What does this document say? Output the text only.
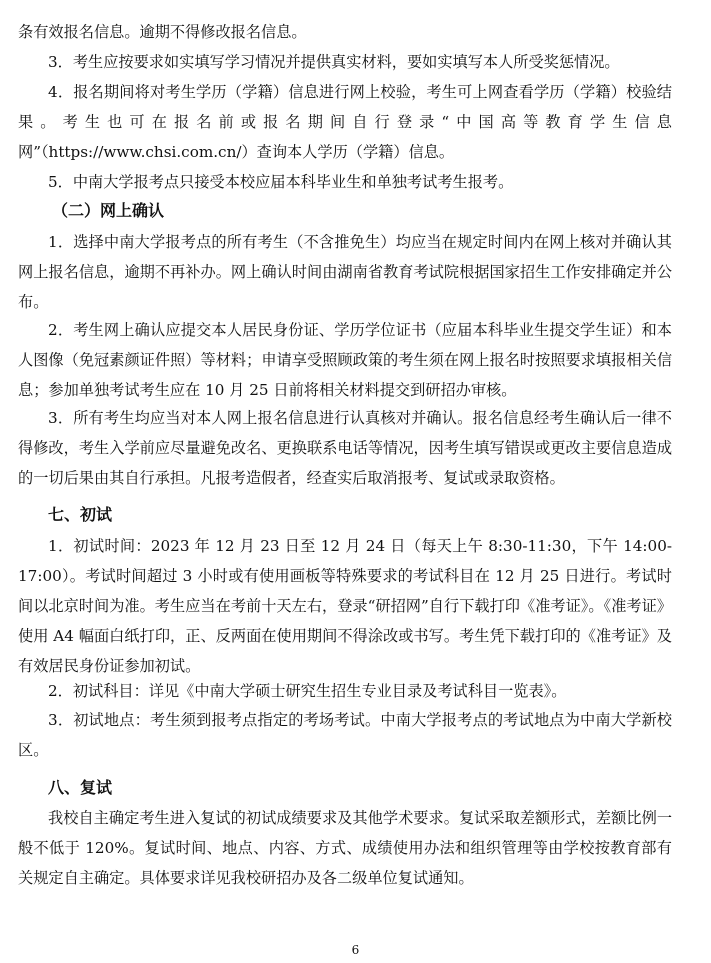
条有效报名信息。逾期不得修改报名信息。

3．考生应按要求如实填写学习情况并提供真实材料，要如实填写本人所受奖惩情况。

4．报名期间将对考生学历（学籍）信息进行网上校验，考生可上网查看学历（学籍）校验结果。考生也可在报名前或报名期间自行登录“中国高等教育学生信息网”（https://www.chsi.com.cn/）查询本人学历（学籍）信息。

5．中南大学报考点只接受本校应届本科毕业生和单独考试考生报考。

（二）网上确认

1．选择中南大学报考点的所有考生（不含推免生）均应当在规定时间内在网上核对并确认其网上报名信息，逾期不再补办。网上确认时间由湖南省教育考试院根据国家招生工作安排确定并公布。

2．考生网上确认应提交本人居民身份证、学历学位证书（应届本科毕业生提交学生证）和本人图像（免冠素颜证件照）等材料；申请享受照顾政策的考生须在网上报名时按照要求填报相关信息；参加单独考试考生应在 10 月 25 日前将相关材料提交到研招办审核。

3．所有考生均应当对本人网上报名信息进行认真核对并确认。报名信息经考生确认后一律不得修改，考生入学前应尽量避免改名、更换联系电话等情况，因考生填写错误或更改主要信息造成的一切后果由其自行承担。凡报考造假者，经查实后取消报考、复试或录取资格。

七、初试

1．初试时间：2023 年 12 月 23 日至 12 月 24 日（每天上午 8:30-11:30，下午 14:00-17:00）。考试时间超过 3 小时或有使用画板等特殊要求的考试科目在 12 月 25 日进行。考试时间以北京时间为准。考生应当在考前十天左右，登录“研招网”自行下载打印《准考证》。《准考证》使用 A4 幅面白纸打印，正、反两面在使用期间不得涂改或书写。考生凭下载打印的《准考证》及有效居民身份证参加初试。

2．初试科目：详见《中南大学硕士研究生招生专业目录及考试科目一览表》。

3．初试地点：考生须到报考点指定的考场考试。中南大学报考点的考试地点为中南大学新校区。

八、复试

我校自主确定考生进入复试的初试成绩要求及其他学术要求。复试采取差额形式，差额比例一般不低于 120%。复试时间、地点、内容、方式、成绩使用办法和组织管理等由学校按教育部有关规定自主确定。具体要求详见我校研招办及各二级单位复试通知。

6
